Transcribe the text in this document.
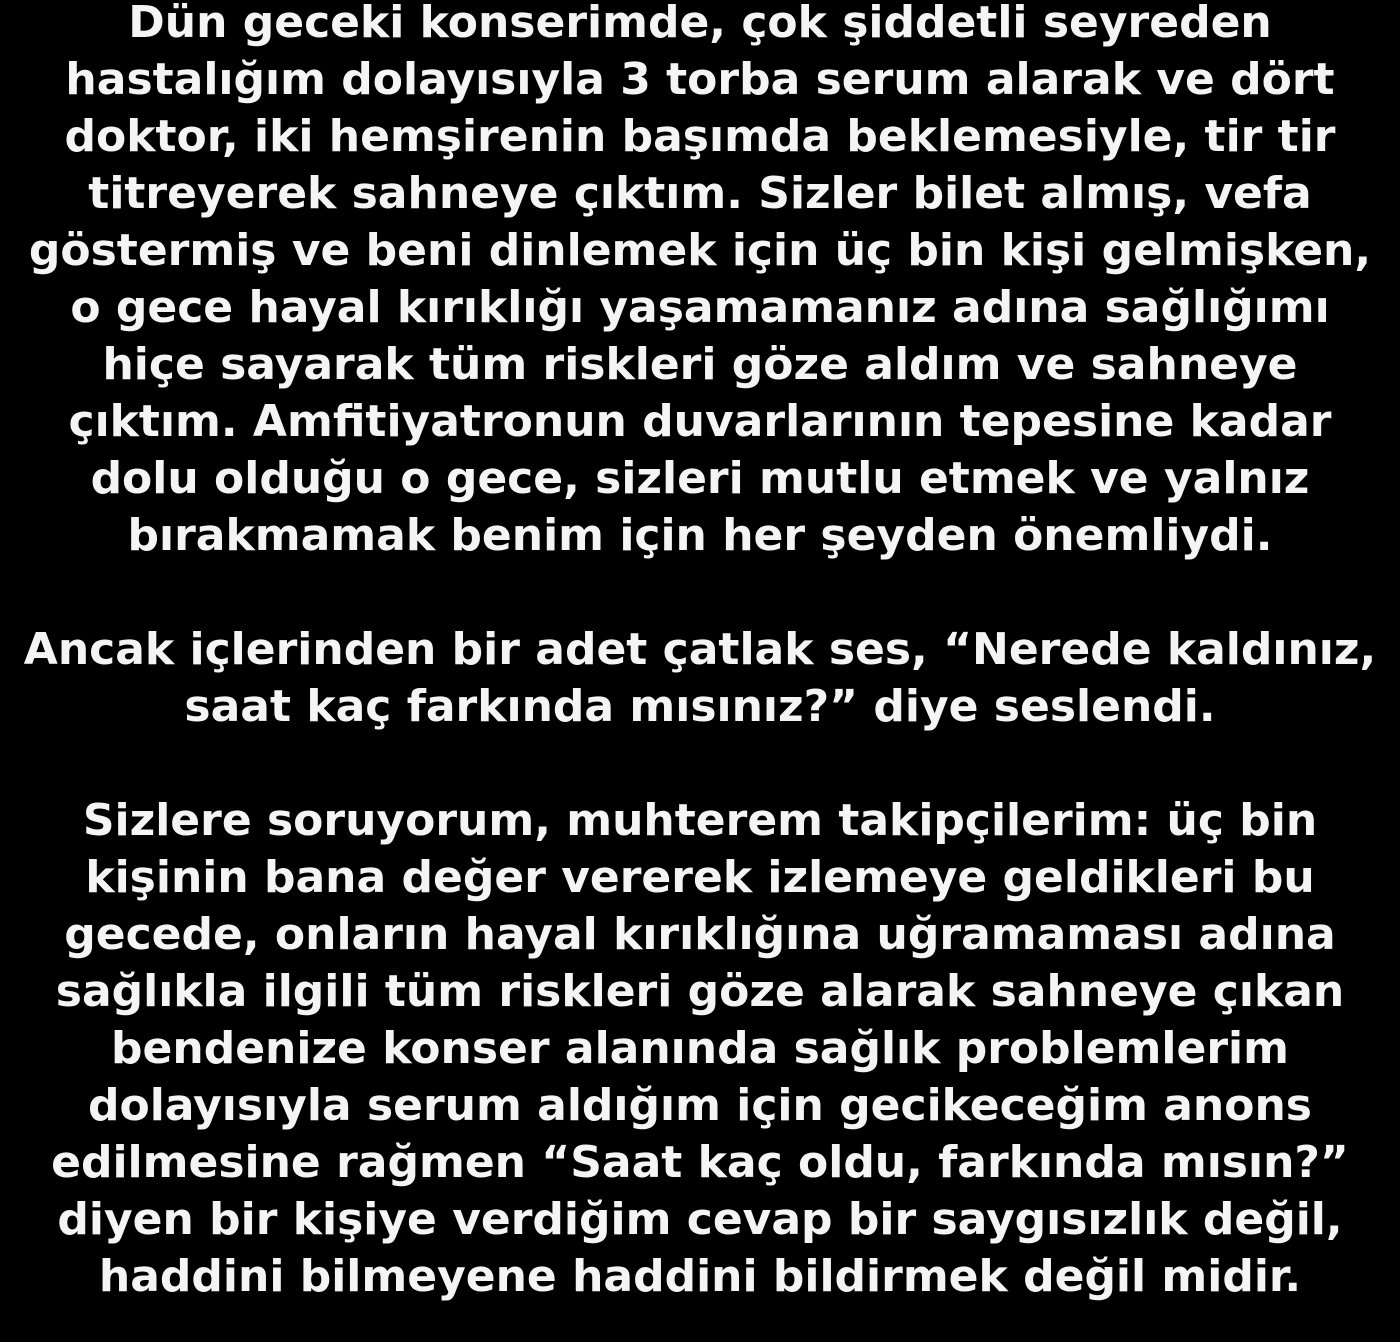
Dün geceki konserimde, çok şiddetli seyreden
hastalığım dolayısıyla 3 torba serum alarak ve dört
doktor, iki hemşirenin başımda beklemesiyle, tir tir
titreyerek sahneye çıktım. Sizler bilet almış, vefa
göstermiş ve beni dinlemek için üç bin kişi gelmişken,
o gece hayal kırıklığı yaşamamanız adına sağlığımı
hiçe sayarak tüm riskleri göze aldım ve sahneye
çıktım. Amfitiyatronun duvarlarının tepesine kadar
dolu olduğu o gece, sizleri mutlu etmek ve yalnız
bırakmamak benim için her şeyden önemliydi.

Ancak içlerinden bir adet çatlak ses, “Nerede kaldınız,
saat kaç farkında mısınız?” diye seslendi.

Sizlere soruyorum, muhterem takipçilerim: üç bin
kişinin bana değer vererek izlemeye geldikleri bu
gecede, onların hayal kırıklığına uğramaması adına
sağlıkla ilgili tüm riskleri göze alarak sahneye çıkan
bendenize konser alanında sağlık problemlerim
dolayısıyla serum aldığım için gecikeceğim anons
edilmesine rağmen “Saat kaç oldu, farkında mısın?”
diyen bir kişiye verdiğim cevap bir saygısızlık değil,
haddini bilmeyene haddini bildirmek değil midir.
